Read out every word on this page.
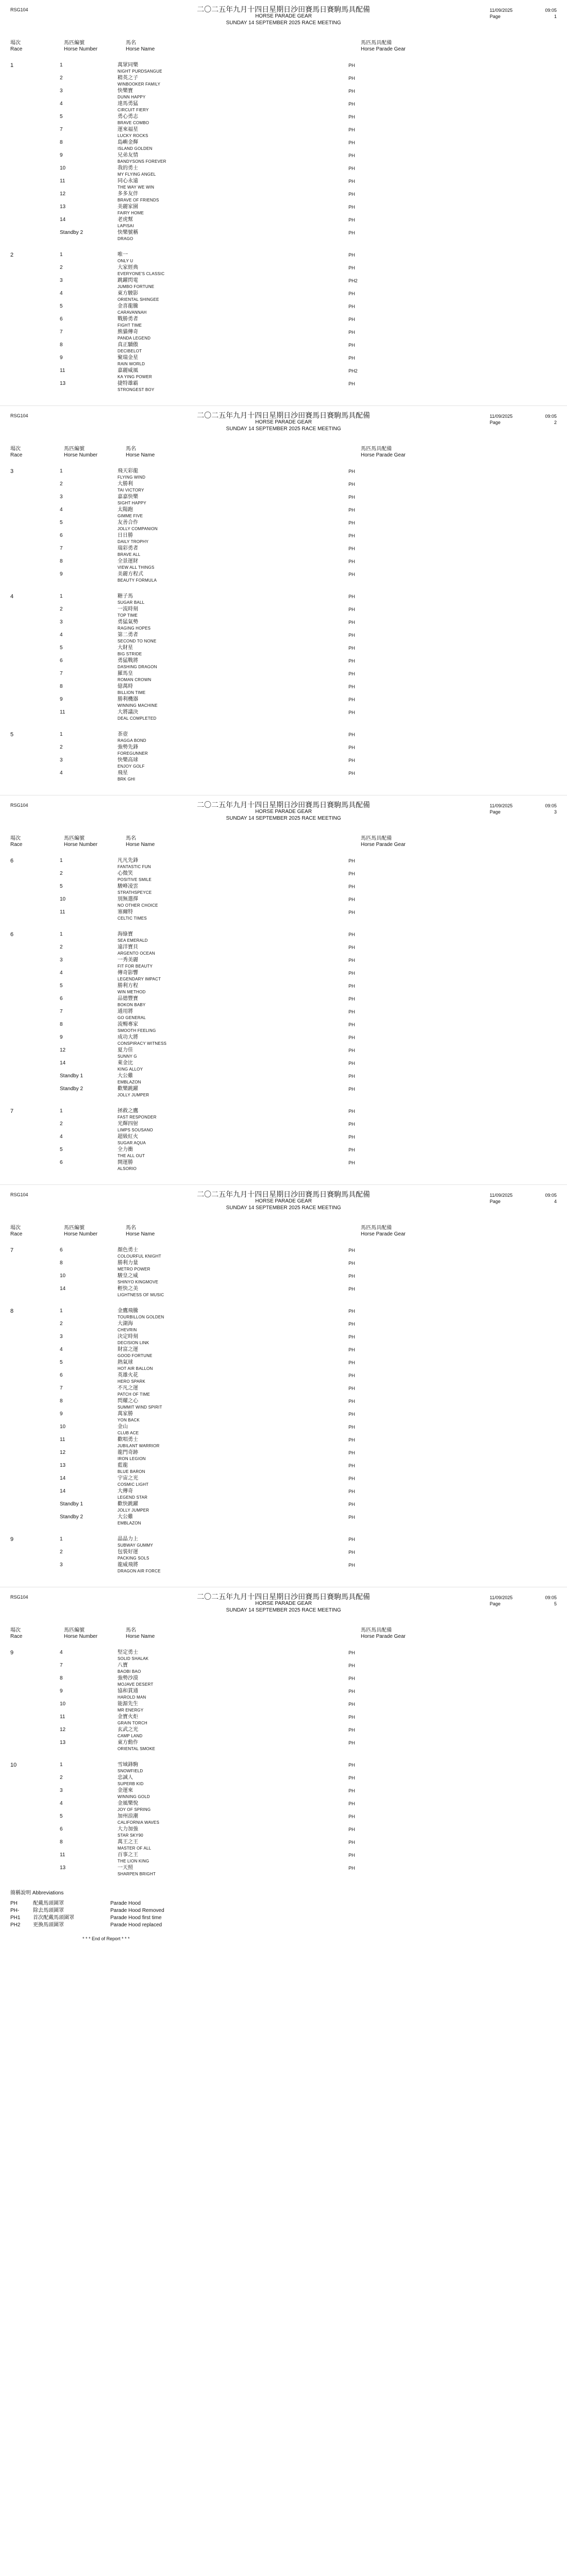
RSG104	二〇二五年九月十四日星期日沙田賽馬日賽駒馬具配備
HORSE PARADE GEAR
SUNDAY 14 SEPTEMBER 2025 RACE MEETING
11/09/2025	09:05
Page	1
場次
Race
馬匹編號
Horse Number
馬名
Horse Name
馬匹馬具配備
Horse Parade Gear
1	1	萬眾同樂
NIGHT PURDSANGUE
PH
2	精英之子
WINBOOKER FAMILY
PH
3	快樂寶
DUNN HAPPY
PH
4	達馬勇猛
CIRCUIT FIERY
PH
5	勇心勇志
BRAVE COMBO
PH
7	運來福星
LUCKY ROCKS
PH
8	島嶼金輝
ISLAND GOLDEN
PH
9	兄弟友情
BANDYSONS FOREVER
PH
10	我的勇士
MY FLYING ANGEL
PH
11	同心永遠
THE WAY WE WIN
PH
12	多多友伴
BRAVE OF FRIENDS
PH
13	美麗家園
FAIRY HOME
PH
14	老虎幫
LAPISAI
PH
Standby 2	快樂號稱
DRAGO
PH
2	1	唯一
ONLY U
PH
2	大家經典
EVERYONE'S CLASSIC
PH
3	跳躍閃電
JUMBO FORTUNE
PH2
4	東方駿影
ORIENTAL SHINGEE
PH
5	金喜龍騰
CARAVANNAH
PH
6	戰勝勇者
FIGHT TIME
PH
7	熊貓傳奇
PANDA LEGEND
PH
8	真正驕傲
DECIBELOT
PH
9	聚瑞金星
RAIN WORLD
PH
11	嘉麗威風
KA YING POWER
PH2
13	捷特雄霸
STRONGEST BOY
PH
RSG104	二〇二五年九月十四日星期日沙田賽馬日賽駒馬具配備
HORSE PARADE GEAR
SUNDAY 14 SEPTEMBER 2025 RACE MEETING
11/09/2025	09:05
Page	2
場次
Race
馬匹編號
Horse Number
馬名
Horse Name
馬匹馬具配備
Horse Parade Gear
3	1	飛天彩龍
FLYING WIND
PH
2	大勝利
TAI VICTORY
PH
3	嘉嘉快樂
SIGHT HAPPY
PH
4	太陽跑
GIMME FIVE
PH
5	友善合作
JOLLY COMPANION
PH
6	日日勝
DAILY TROPHY
PH
7	瑞彩勇者
BRAVE ALL
PH
8	全景運財
VIEW ALL THINGS
PH
9	美麗方程式
BEAUTY FORMULA
PH
4	1	糖子馬
SUGAR BALL
PH
2	一流時刻
TOP TIME
PH
3	勇猛氣勢
RAGING HOPES
PH
4	第二勇者
SECOND TO NONE
PH
5	大財星
BIG STRIDE
PH
6	勇猛戰將
DASHING DRAGON
PH
7	羅馬皇
ROMAN CROWN
PH
8	億萬時
BILLION TIME
PH
9	勝利機器
WINNING MACHINE
PH
11	大將議決
DEAL COMPLETED
PH
5	1	茶壺
RAGGA BOND
PH
2	強勢先鋒
FOREGUNNER
PH
3	快樂高球
ENJOY GOLF
PH
4	飛星
BRK GHI
PH
RSG104	二〇二五年九月十四日星期日沙田賽馬日賽駒馬具配備
HORSE PARADE GEAR
SUNDAY 14 SEPTEMBER 2025 RACE MEETING
11/09/2025	09:05
Page	3
場次
Race
馬匹編號
Horse Number
馬名
Horse Name
馬匹馬具配備
Horse Parade Gear
6	1	凡凡先鋒
FANTASTIC FUN
PH
2	心微笑
POSITIVE SMILE
PH
5	駿峰凌雲
STRATHSPEYCE
PH
10	別無選擇
NO OTHER CHOICE
PH
11	塞爾特
CELTIC TIMES
PH
6	1	海綠寶
SEA EMERALD
PH
2	遠洋寶貝
ARGENTO OCEAN
PH
3	一秀美麗
FIT FOR BEAUTY
PH
4	傳奇影響
LEGENDARY IMPACT
PH
5	勝利方程
WIN METHOD
PH
6	品德豐寶
BOKON BABY
PH
7	通用將
GO GENERAL
PH
8	流暢專家
SMOOTH FEELING
PH
9	成功大將
CONSPIRACY WITNESS
PH
12	夏力佳
SUNNY G
PH
14	萊金比
KING ALLOY
PH
Standby 1	大公雞
EMBLAZON
PH
Standby 2	歡樂跳躍
JOLLY JUMPER
PH
7	1	拯救之鷹
FAST RESPONDER
PH
2	光輝四射
LIMPS SOUSANO
PH
4	超級紅火
SUGAR AQUA
PH
5	全力衝
THE ALL OUT
PH
6	開運勝
ALSORIO
PH
RSG104	二〇二五年九月十四日星期日沙田賽馬日賽駒馬具配備
HORSE PARADE GEAR
SUNDAY 14 SEPTEMBER 2025 RACE MEETING
11/09/2025	09:05
Page	4
場次
Race
馬匹編號
Horse Number
馬名
Horse Name
馬匹馬具配備
Horse Parade Gear
7	6	顏色勇士
COLOURFUL KNIGHT
PH
8	勝利力量
METRO POWER
PH
10	駿皇之威
SHINYO KINGMOVE
PH
14	輕快之美
LIGHTNESS OF MUSIC
PH
8	1	金鷹飛騰
TOURBILLON GOLDEN
PH
2	大湖海
CHEVRIN
PH
3	決定時刻
DECISION LINK
PH
4	財富之運
GOOD FORTUNE
PH
5	熱氣球
HOT AIR BALLON
PH
6	英雄火花
HERO SPARK
PH
7	不凡之運
PATCH OF TIME
PH
8	閃耀之心
SUMMIT WIND SPIRIT
PH
9	萬家勝
YON BACK
PH
10	金山
CLUB ACE
PH
11	歡唱勇士
JUBILANT WARRIOR
PH
12	龍門奇跡
IRON LEGION
PH
13	藍龍
BLUE BARON
PH
14	宇宙之光
COSMIC LIGHT
PH
14	大傳奇
LEGEND STAR
PH
Standby 1	歡快跳躍
JOLLY JUMPER
PH
Standby 2	大公雞
EMBLAZON
PH
9	1	晶晶力上
SUBWAY GUMMY
PH
2	包裝好運
PACKING SOLS
PH
3	龍威飛將
DRAGON AIR FORCE
PH
RSG104	二〇二五年九月十四日星期日沙田賽馬日賽駒馬具配備
HORSE PARADE GEAR
SUNDAY 14 SEPTEMBER 2025 RACE MEETING
11/09/2025	09:05
Page	5
場次
Race
馬匹編號
Horse Number
馬名
Horse Name
馬匹馬具配備
Horse Parade Gear
9	4	堅定勇士
SOLID SHALAK
PH
7	八寶
BAOBI BAO
PH
8	強勢沙漠
MOJAVE DESERT
PH
9	協和貫通
HAROLD MAN
PH
10	能源先生
MR ENERGY
PH
11	金寶火炬
GRAIN TORCH
PH
12	玄武之光
CAMP LAND
PH
13	東方動作
ORIENTAL SMOKE
PH
10	1	雪域鋒駒
SNOWFIELD
PH
2	忠誠人
SUPERB KID
PH
3	金運來
WINNING GOLD
PH
4	金風樂悅
JOY OF SPRING
PH
5	加州浪潮
CALIFORNIA WAVES
PH
6	大力加強
STAR SKY90
PH
8	萬王之王
MASTER OF ALL
PH
11	百事之王
THE LION KING
PH
13	一天照
SHARPEN BRIGHT
PH
簡稱說明 Abbreviations
PH	配戴馬頭圍罩	Parade Hood
PH-	除去馬頭圍罩	Parade Hood Removed
PH1	首次配戴馬頭圍罩	Parade Hood first time
PH2	更換馬頭圍罩	Parade Hood replaced
* * * End of Report * * *
